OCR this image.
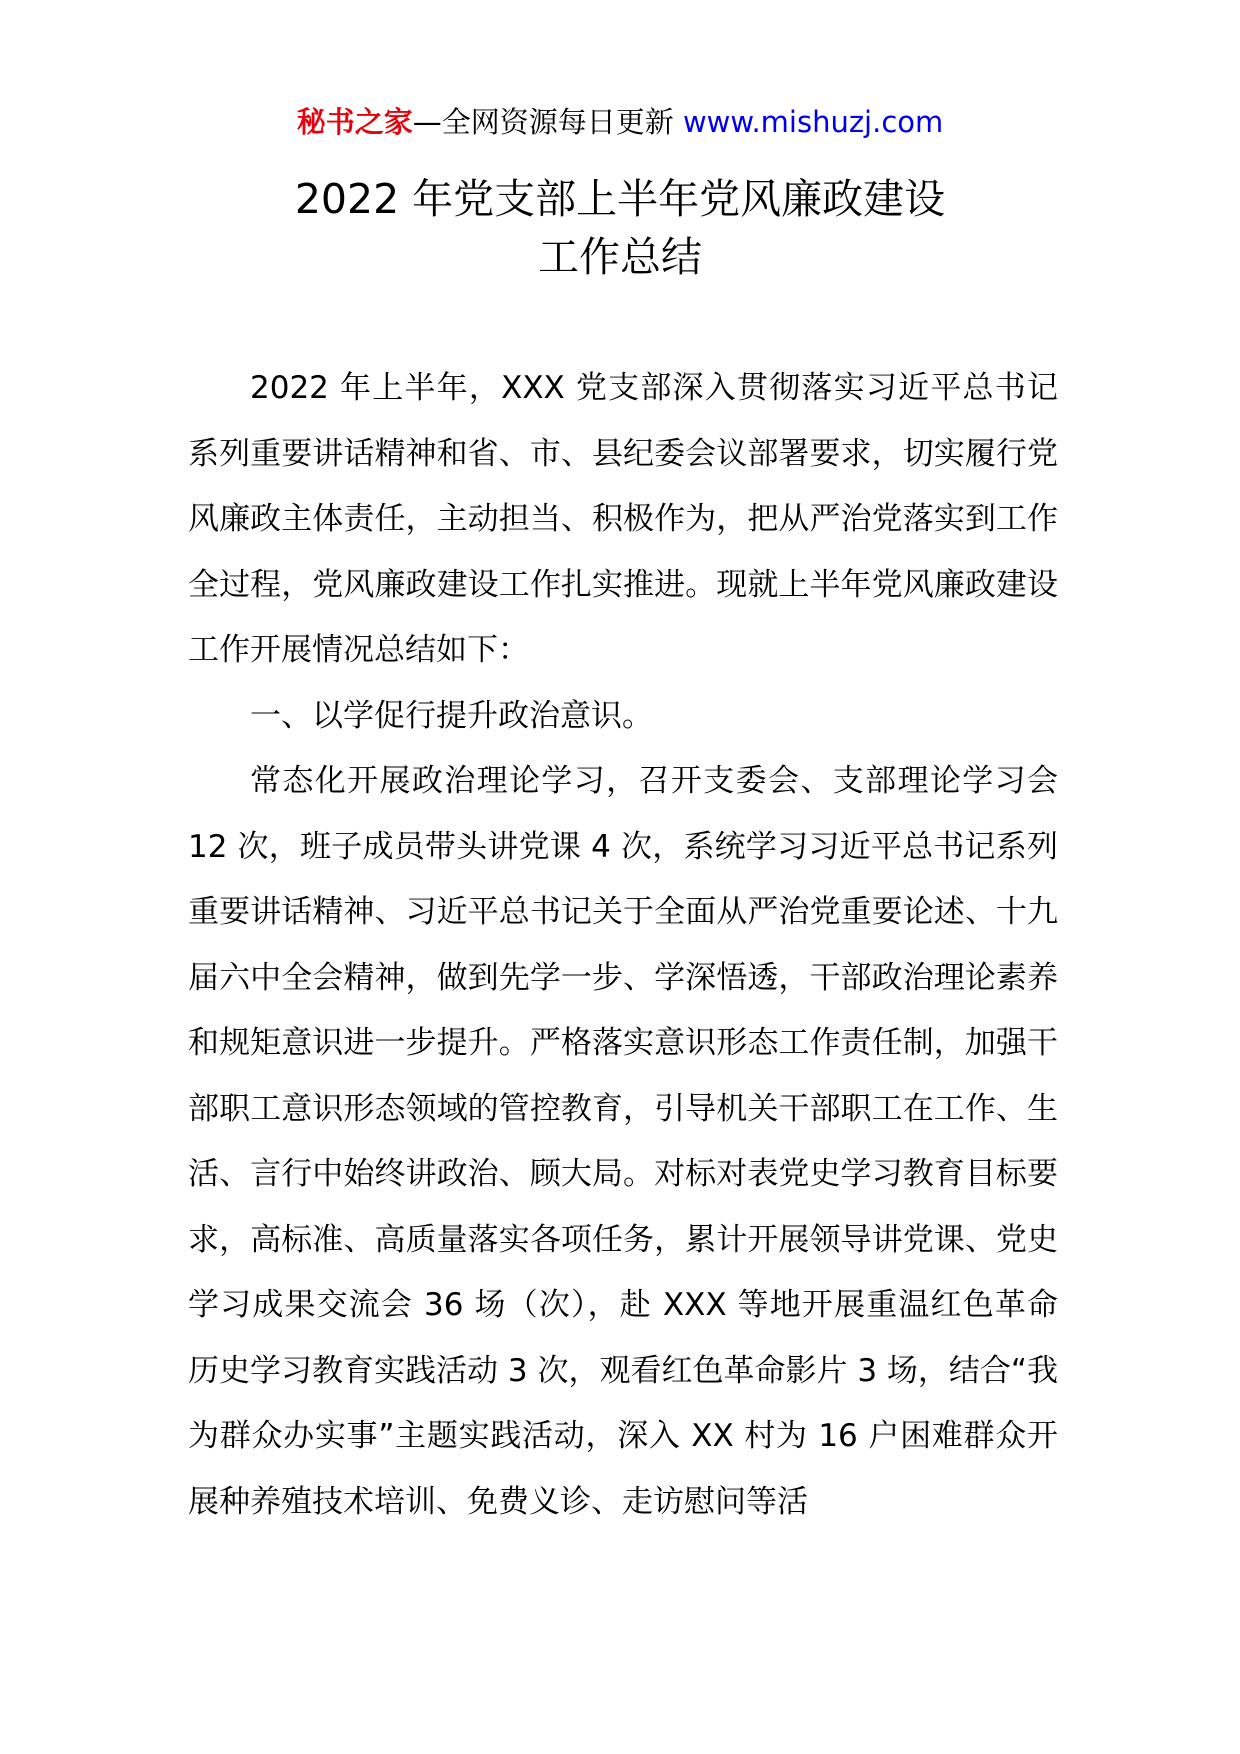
秘书之家—全网资源每日更新 www.mishuzj.com
2022 年党支部上半年党风廉政建设
工作总结

2022 年上半年，XXX 党支部深入贯彻落实习近平总书记系列重要讲话精神和省、市、县纪委会议部署要求，切实履行党风廉政主体责任，主动担当、积极作为，把从严治党落实到工作全过程，党风廉政建设工作扎实推进。现就上半年党风廉政建设工作开展情况总结如下：

一、以学促行提升政治意识。

常态化开展政治理论学习，召开支委会、支部理论学习会 12 次，班子成员带头讲党课 4 次，系统学习习近平总书记系列重要讲话精神、习近平总书记关于全面从严治党重要论述、十九届六中全会精神，做到先学一步、学深悟透，干部政治理论素养和规矩意识进一步提升。严格落实意识形态工作责任制，加强干部职工意识形态领域的管控教育，引导机关干部职工在工作、生活、言行中始终讲政治、顾大局。对标对表党史学习教育目标要求，高标准、高质量落实各项任务，累计开展领导讲党课、党史学习成果交流会 36 场（次），赴 XXX 等地开展重温红色革命历史学习教育实践活动 3 次，观看红色革命影片 3 场，结合“我为群众办实事”主题实践活动，深入 XX 村为 16 户困难群众开展种养殖技术培训、免费义诊、走访慰问等活
